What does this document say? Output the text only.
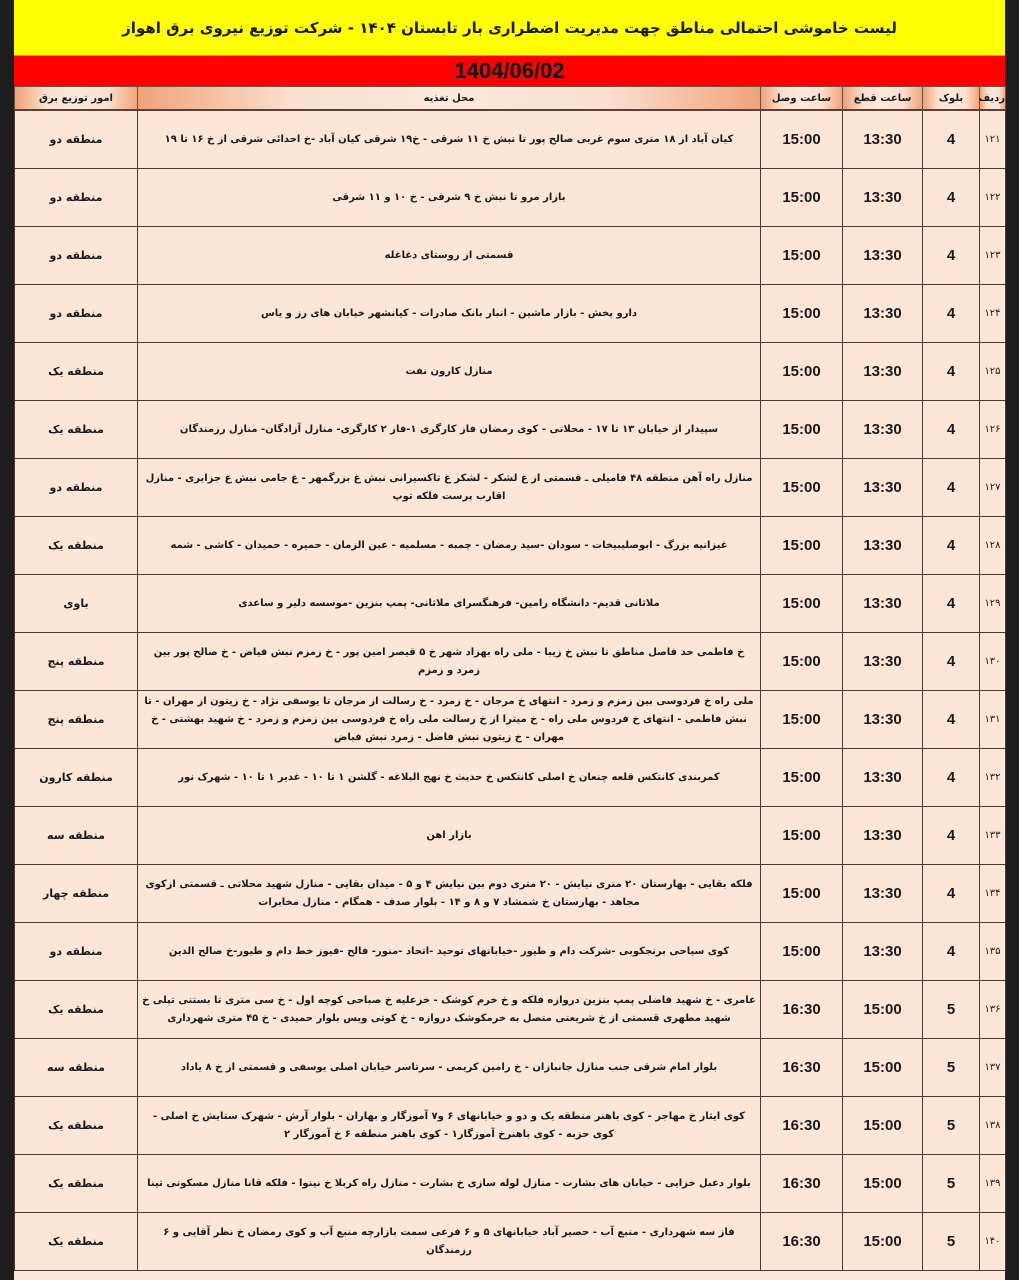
لیست خاموشی احتمالی مناطق جهت مدیریت اضطراری بار تابستان ۱۴۰۴ - شرکت توزیع نیروی برق اهواز
1404/06/02
ردیف	بلوک	ساعت قطع	ساعت وصل	محل تغذیه	امور توزیع برق
۱۲۱	4	13:30	15:00	کیان آباد از ۱۸ متری سوم غربی صالح پور تا نبش خ ۱۱ شرقی - خ۱۹ شرقی کیان آباد -خ احدائی شرقی از خ ۱۶ تا ۱۹	منطقه دو
۱۲۲	4	13:30	15:00	بازار مرو تا نبش خ ۹ شرقی - خ ۱۰ و ۱۱ شرقی	منطقه دو
۱۲۳	4	13:30	15:00	قسمتی از روستای دغاغله	منطقه دو
۱۲۴	4	13:30	15:00	دارو پخش - بازار ماشین - انبار بانک صادرات - کیانشهر خیابان های رز و یاس	منطقه دو
۱۲۵	4	13:30	15:00	منازل کارون نفت	منطقه یک
۱۲۶	4	13:30	15:00	سپیدار از خیابان ۱۳ تا ۱۷ - محلاتی - کوی رمضان فاز کارگری ۱-فاز ۲ کارگری- منازل آزادگان- منازل رزمندگان	منطقه یک
۱۲۷	4	13:30	15:00	منازل راه آهن منطقه ۴۸ فامیلی ـ قسمتی از غ لشکر - لشکر غ تاکسیرانی نبش غ بزرگمهر - غ جامی نبش غ جزایری - منازل اقارب پرست فلکه توپ	منطقه دو
۱۲۸	4	13:30	15:00	غیزانیه بزرگ - ابوصلیبیخات - سودان -سید رمضان - چمبه - مسلمیه - عین الزمان - حمیره - حمیدان - کاشی - شمه	منطقه یک
۱۲۹	4	13:30	15:00	ملاثانی قدیم- دانشگاه رامین- فرهنگسرای ملاثانی- پمپ بنزین -موسسه دلیر و ساعدی	باوی
۱۳۰	4	13:30	15:00	خ فاطمی حد فاصل مناطق تا نبش خ زیبا - ملی راه بهزاد شهر خ ۵ قیصر امین پور - خ زمزم نبش فیاض - خ صالح پور بین زمرد و زمزم	منطقه پنج
۱۳۱	4	13:30	15:00	ملی راه خ فردوسی بین زمزم و زمرد - انتهای خ مرجان - خ زمرد - خ رسالت از مرجان تا یوسفی نژاد - خ زیتون از مهران - تا نبش فاطمی - انتهای خ فردوس ملی راه - خ میترا از خ رسالت ملی راه خ فردوسی بین زمزم و زمرد - خ شهید بهشتی - خ مهران - خ زیتون نبش فاضل - زمرد نبش فیاض	منطقه پنج
۱۳۲	4	13:30	15:00	کمربندی کانتکس قلعه چنعان خ اصلی کانتکس خ حدیث خ نهج البلاغه - گلشن ۱ تا ۱۰ - غدیر ۱ تا ۱۰ - شهرک نور	منطقه کارون
۱۳۳	4	13:30	15:00	بازار اهن	منطقه سه
۱۳۴	4	13:30	15:00	فلکه بقایی - بهارستان ۲۰ متری نیایش - ۲۰ متری دوم بین نیایش ۴ و ۵ - میدان بقایی - منازل شهید محلاتی ـ قسمتی ازکوی مجاهد - بهارستان خ شمشاد ۷ و ۸ و ۱۴ - بلوار صدف - همگام - منازل مخابرات	منطقه چهار
۱۳۵	4	13:30	15:00	کوی سیاحی برنجکوبی -شرکت دام و طیور -خیابانهای توحید -اتحاد -منور- فالح -فیوز خط دام و طیور-خ صالح الدین	منطقه دو
۱۳۶	5	15:00	16:30	عامری - خ شهید فاضلی پمپ بنزین دروازه فلکه و خ خرم کوشک - خزعلیه خ صباحی کوچه اول - خ سی متری تا بستنی تپلی خ شهید مطهری قسمتی از خ شریعتی متصل به خرمکوشک دروازه - خ کوتی ویس بلوار حمیدی - خ ۴۵ متری شهرداری	منطقه یک
۱۳۷	5	15:00	16:30	بلوار امام شرقی جنب منازل جانبازان - خ رامین کریمی - سرتاسر خیابان اصلی یوسفی و قسمتی از خ ۸ یاداد	منطقه سه
۱۳۸	5	15:00	16:30	کوی ایثار خ مهاجر - کوی باهنر منطقه یک و دو و خیابانهای ۶ و۷ آموزگار و بهاران - بلوار آرش - شهرک ستایش خ اصلی - کوی حزبه - کوی باهنرخ آموزگار۱ - کوی باهنر منطقه ۶ خ آموزگار ۲	منطقه یک
۱۳۹	5	15:00	16:30	بلوار دعبل خزایی - خیابان های بشارت - منازل لوله سازی خ بشارت - منازل راه کربلا خ نینوا - فلکه قانا منازل مسکونی تینا	منطقه یک
۱۴۰	5	15:00	16:30	فاز سه شهرداری - منبع آب - حصیر آباد خیابانهای ۵ و ۶ فرعی سمت بازارچه منبع آب و کوی رمضان خ نظر آقایی و ۶ رزمندگان	منطقه یک
